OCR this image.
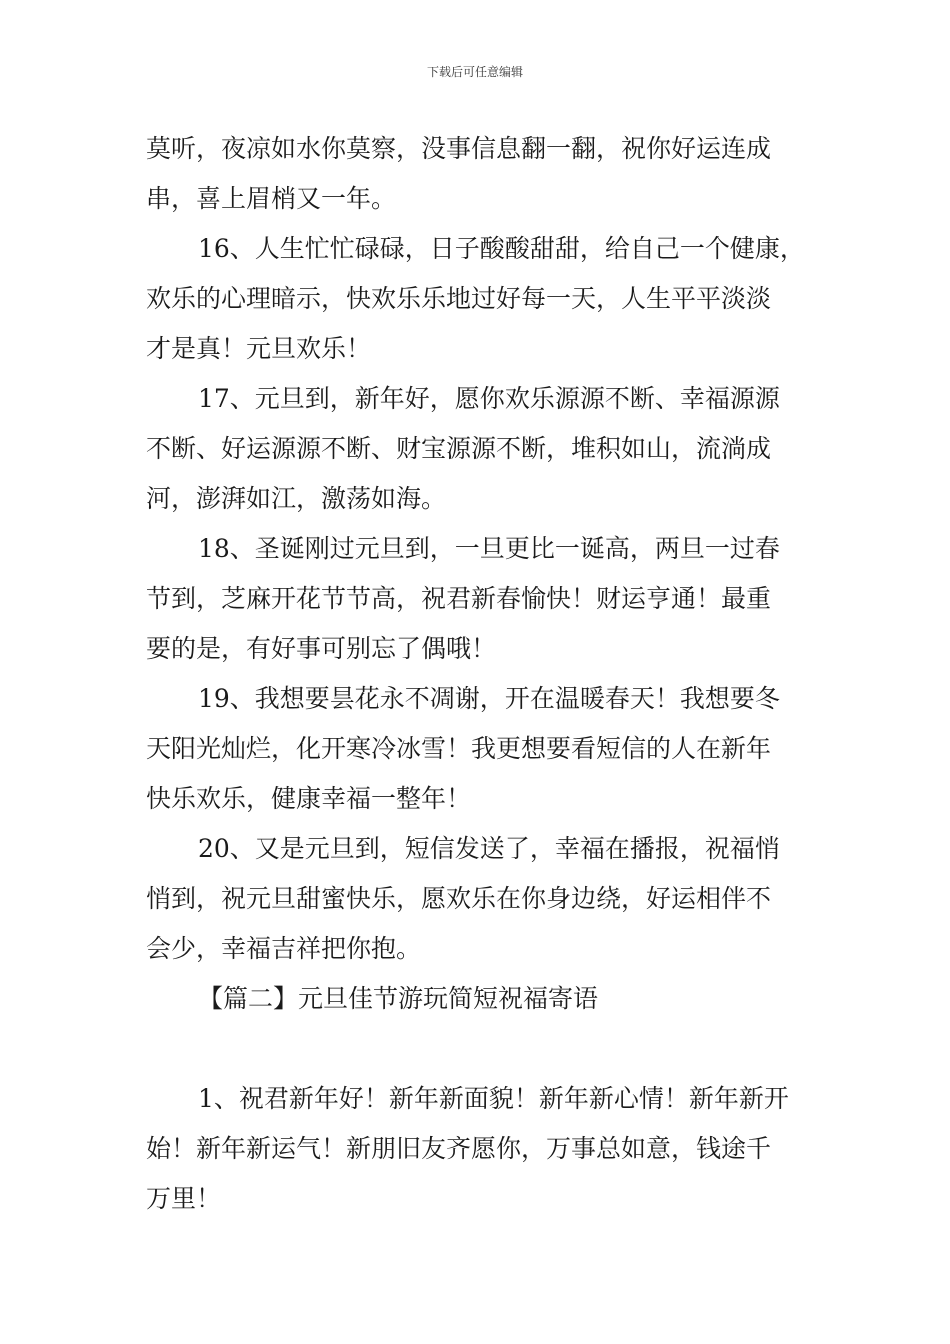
下载后可任意编辑
莫听，夜凉如水你莫察，没事信息翻一翻，祝你好运连成
串，喜上眉梢又一年。
16、人生忙忙碌碌，日子酸酸甜甜，给自己一个健康，
欢乐的心理暗示，快欢乐乐地过好每一天，人生平平淡淡
才是真！元旦欢乐！
17、元旦到，新年好，愿你欢乐源源不断、幸福源源
不断、好运源源不断、财宝源源不断，堆积如山，流淌成
河，澎湃如江，激荡如海。
18、圣诞刚过元旦到，一旦更比一诞高，两旦一过春
节到，芝麻开花节节高，祝君新春愉快！财运亨通！最重
要的是，有好事可别忘了偶哦！
19、我想要昙花永不凋谢，开在温暖春天！我想要冬
天阳光灿烂，化开寒冷冰雪！我更想要看短信的人在新年
快乐欢乐，健康幸福一整年！
20、又是元旦到，短信发送了，幸福在播报，祝福悄
悄到，祝元旦甜蜜快乐，愿欢乐在你身边绕，好运相伴不
会少，幸福吉祥把你抱。
【篇二】元旦佳节游玩简短祝福寄语
1、祝君新年好！新年新面貌！新年新心情！新年新开
始！新年新运气！新朋旧友齐愿你，万事总如意，钱途千
万里！
